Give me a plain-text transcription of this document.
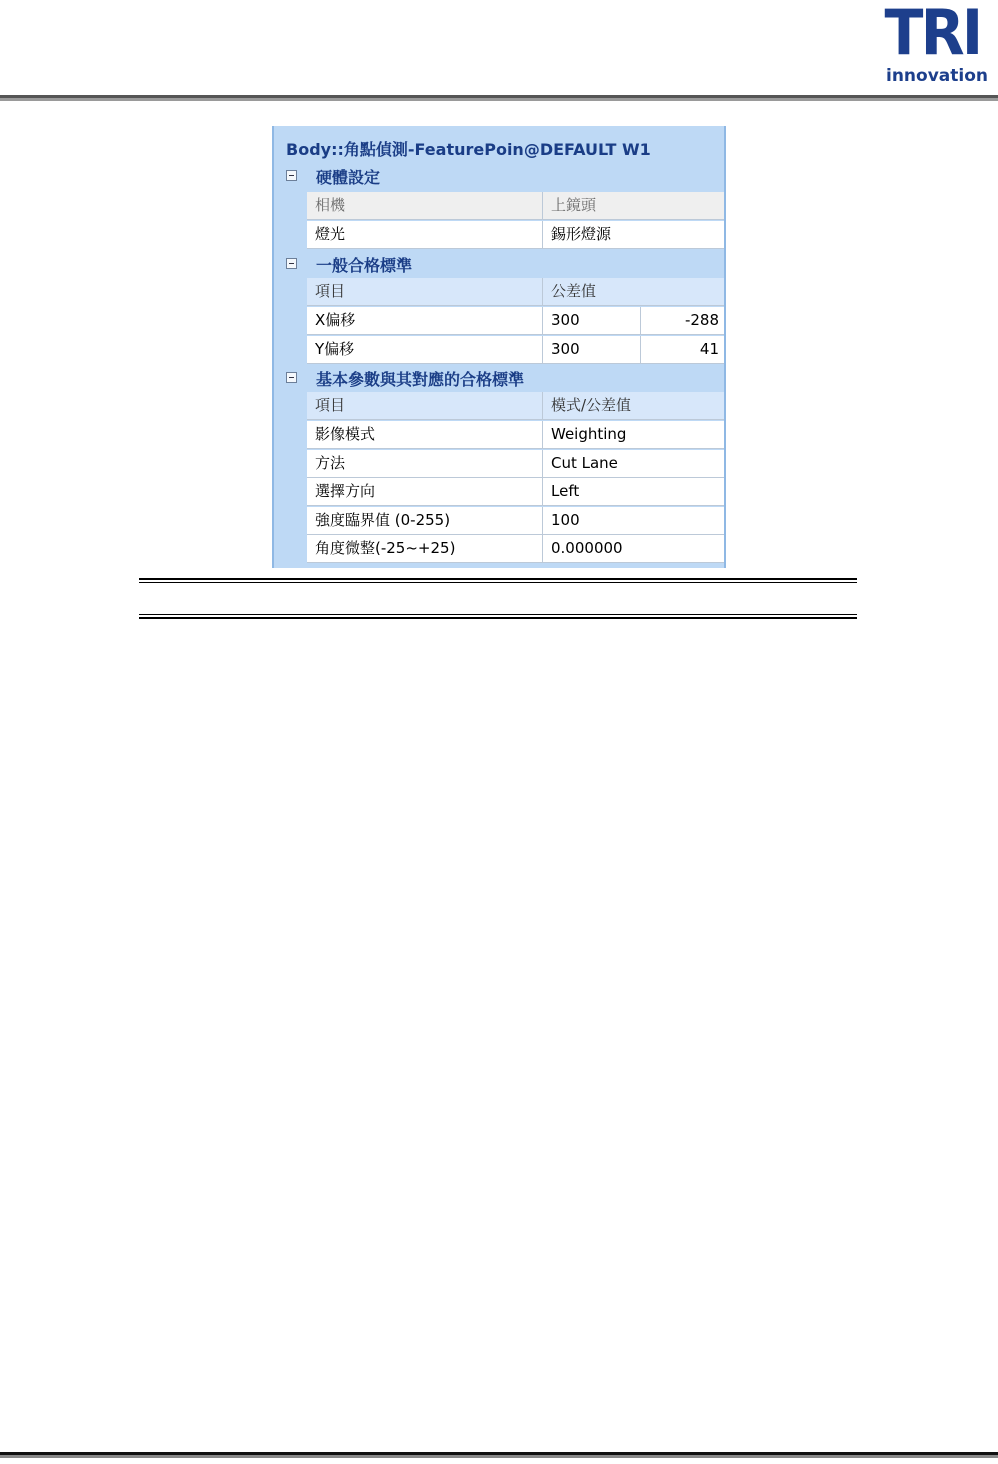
TRI
innovation
Body::角點偵測-FeaturePoin@DEFAULT W1
硬體設定
相機	上鏡頭
燈光	錫形燈源
一般合格標準
項目	公差值
X偏移	300	-288
Y偏移	300	41
基本參數與其對應的合格標準
項目	模式/公差值
影像模式	Weighting
方法	Cut Lane
選擇方向	Left
強度臨界值 (0-255)	100
角度微整(-25~+25)	0.000000
